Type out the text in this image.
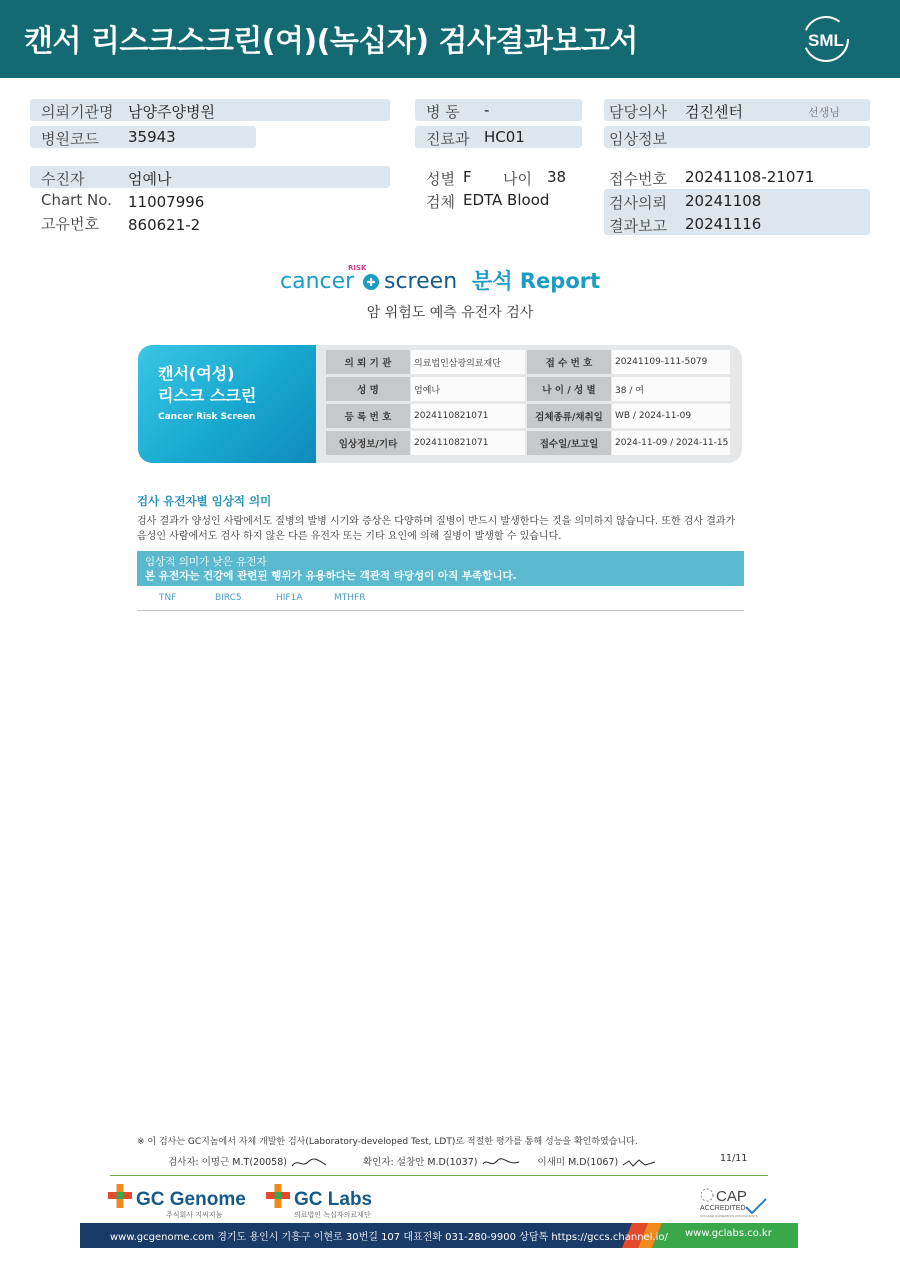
캔서 리스크스크린(여)(녹십자) 검사결과보고서	SML
의뢰기관명 남양주양병원
병원코드 35943
병 동 -
진료과 HC01
담당의사 검진센터	선생님
임상정보
수진자	엄예나
Chart No. 11007996
고유번호 860621-2
성별 F 나이 38
검체 EDTA Blood
접수번호 20241108-21071
검사의뢰 20241108
결과보고 20241116
cancer
RISK
screen 분석 Report
암 위험도 예측 유전자 검사
캔서(여성)
리스크 스크린
Cancer Risk Screen
의 뢰 기 관	의료법인삼광의료재단	접 수 번 호	20241109-111-5079
성 명	엄예나	나 이 / 성 별	38 / 여
등 록 번 호	2024110821071	검체종류/채취일	WB / 2024-11-09
임상정보/기타	2024110821071	접수일/보고일	2024-11-09 / 2024-11-15
검사 유전자별 임상적 의미
검사 결과가 양성인 사람에서도 질병의 발병 시기와 증상은 다양하며 질병이 반드시 발생한다는 것을 의미하지 않습니다. 또한 검사 결과가 음성인 사람에서도 검사 하지 않은 다른 유전자 또는 기타 요인에 의해 질병이 발생할 수 있습니다.
임상적 의미가 낮은 유전자
본 유전자는 건강에 관련된 행위가 유용하다는 객관적 타당성이 아직 부족합니다.
TNF	BIRC5	HIF1A	MTHFR
※ 이 검사는 GC지놈에서 자체 개발한 검사(Laboratory-developed Test, LDT)로 적절한 평가를 통해 성능을 확인하였습니다.
검사자: 이명근 M.T(20058)	확인자: 설창안 M.D(1037)	이새미 M.D(1067)	11/11
GC Genome
주식회사 지씨지놈
GC Labs
의료법인 녹십자의료재단
CAP
ACCREDITED
COLLEGE of AMERICAN PATHOLOGISTS
www.gcgenome.com 경기도 용인시 기흥구 이현로 30번길 107 대표전화 031-280-9900 상담톡 https://gccs.channel.io/ www.gclabs.co.kr
